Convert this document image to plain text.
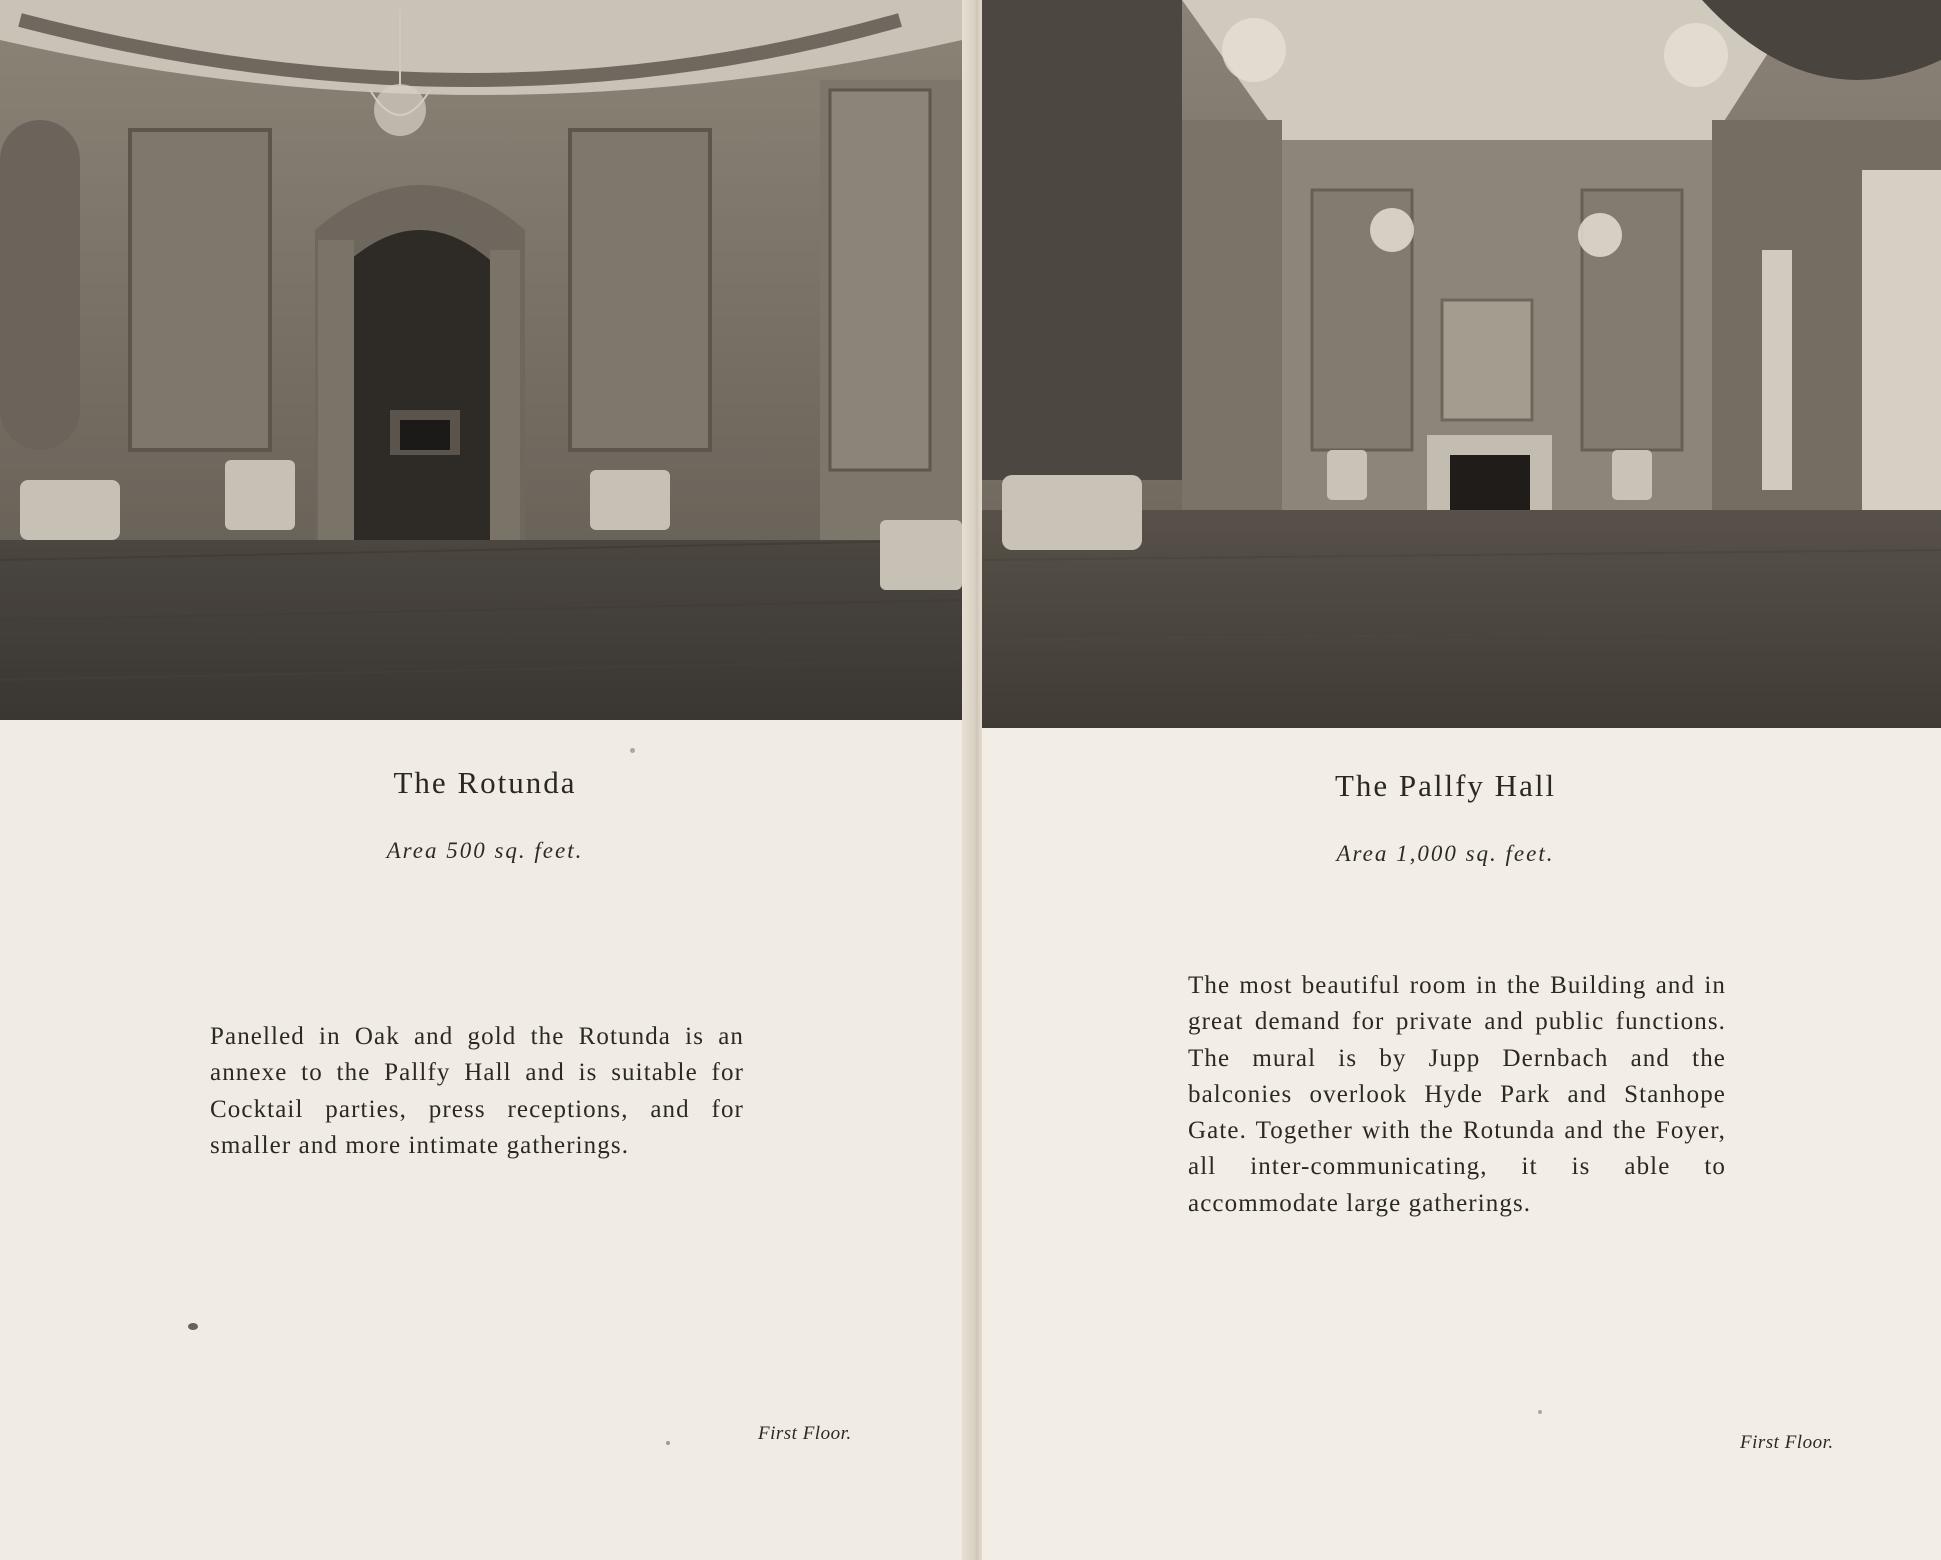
The Rotunda
Area 500 sq. feet.
Panelled in Oak and gold the Rotunda is an annexe to the Pallfy Hall and is suitable for Cocktail parties, press receptions, and for smaller and more intimate gatherings.
First Floor.
The Pallfy Hall
Area 1,000 sq. feet.
The most beautiful room in the Building and in great demand for private and public functions. The mural is by Jupp Dernbach and the balconies overlook Hyde Park and Stanhope Gate. Together with the Rotunda and the Foyer, all inter-communicating, it is able to accommodate large gatherings.
First Floor.
